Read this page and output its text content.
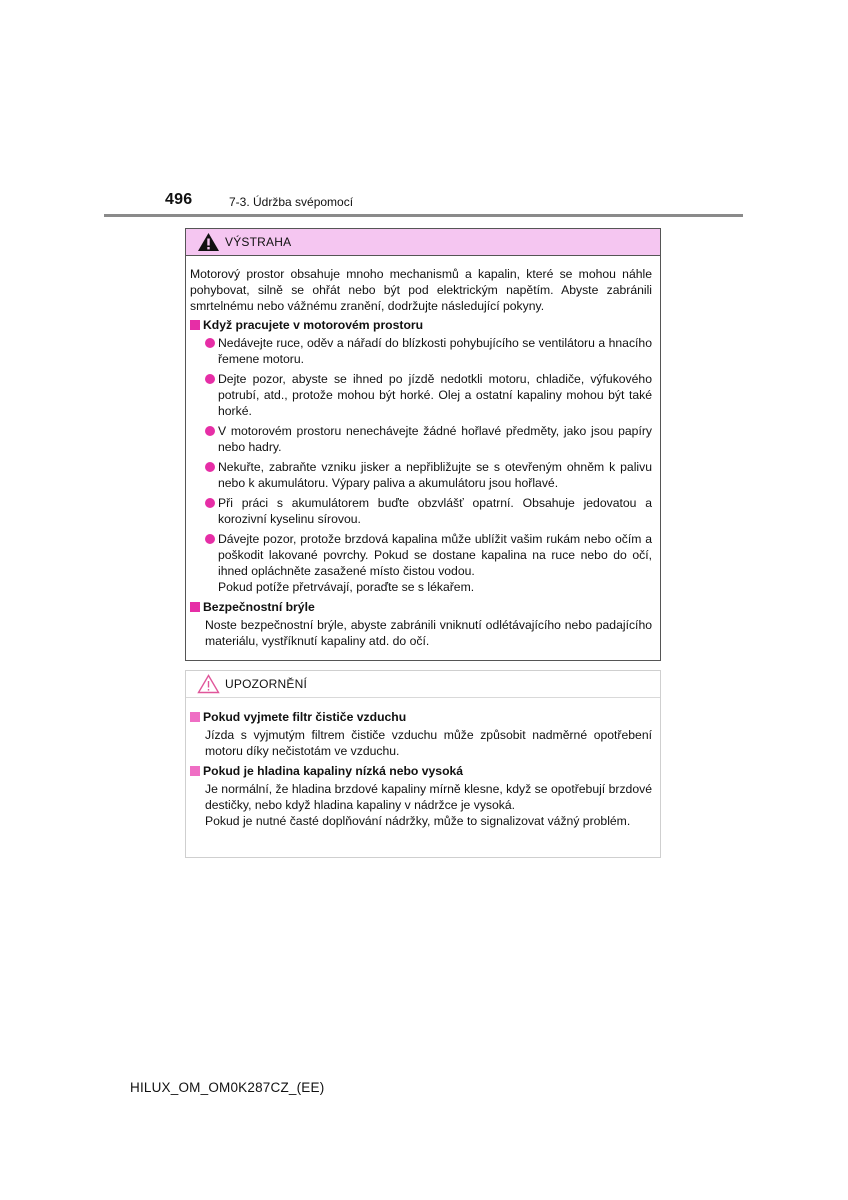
496	7-3. Údržba svépomocí
VÝSTRAHA

Motorový prostor obsahuje mnoho mechanismů a kapalin, které se mohou náhle pohybovat, silně se ohřát nebo být pod elektrickým napětím. Abyste zabránili smrtelnému nebo vážnému zranění, dodržujte následující pokyny.

Když pracujete v motorovém prostoru
Nedávejte ruce, oděv a nářadí do blízkosti pohybujícího se ventilátoru a hnacího řemene motoru.
Dejte pozor, abyste se ihned po jízdě nedotkli motoru, chladiče, výfukového potrubí, atd., protože mohou být horké. Olej a ostatní kapaliny mohou být také horké.
V motorovém prostoru nenechávejte žádné hořlavé předměty, jako jsou papíry nebo hadry.
Nekuřte, zabraňte vzniku jisker a nepřibližujte se s otevřeným ohněm k palivu nebo k akumulátoru. Výpary paliva a akumulátoru jsou hořlavé.
Při práci s akumulátorem buďte obzvlášť opatrní. Obsahuje jedovatou a korozivní kyselinu sírovou.
Dávejte pozor, protože brzdová kapalina může ublížit vašim rukám nebo očím a poškodit lakované povrchy. Pokud se dostane kapalina na ruce nebo do očí, ihned opláchněte zasažené místo čistou vodou.
Pokud potíže přetrvávají, poraďte se s lékařem.
Bezpečnostní brýle

Noste bezpečnostní brýle, abyste zabránili vniknutí odlétávajícího nebo padajícího materiálu, vystříknutí kapaliny atd. do očí.

UPOZORNĚNÍ
Pokud vyjmete filtr čističe vzduchu

Jízda s vyjmutým filtrem čističe vzduchu může způsobit nadměrné opotřebení motoru díky nečistotám ve vzduchu.

Pokud je hladina kapaliny nízká nebo vysoká

Je normální, že hladina brzdové kapaliny mírně klesne, když se opotřebují brzdové destičky, nebo když hladina kapaliny v nádržce je vysoká.

Pokud je nutné časté doplňování nádržky, může to signalizovat vážný problém.

HILUX_OM_OM0K287CZ_(EE)
